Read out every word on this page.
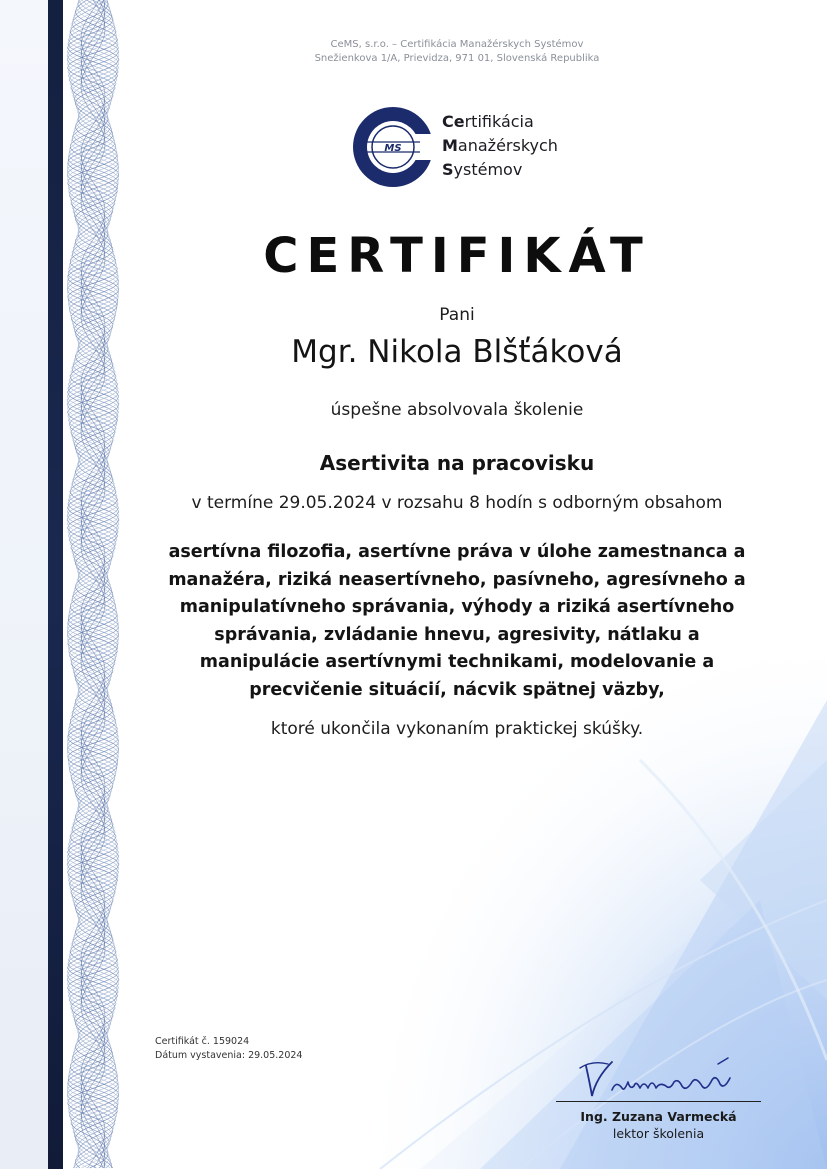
CeMS, s.r.o. – Certifikácia Manažérskych Systémov
Snežienkova 1/A, Prievidza, 971 01, Slovenská Republika
MS
Certifikácia
Manažérskych
Systémov
CERTIFIKÁT
Pani
Mgr. Nikola Blšťáková
úspešne absolvovala školenie
Asertivita na pracovisku
v termíne 29.05.2024 v rozsahu 8 hodín s odborným obsahom
asertívna filozofia, asertívne práva v úlohe zamestnanca a
manažéra, riziká neasertívneho, pasívneho, agresívneho a
manipulatívneho správania, výhody a riziká asertívneho
správania, zvládanie hnevu, agresivity, nátlaku a
manipulácie asertívnymi technikami, modelovanie a
precvičenie situácií, nácvik spätnej väzby,
ktoré ukončila vykonaním praktickej skúšky.
Certifikát č. 159024
Dátum vystavenia: 29.05.2024
Ing. Zuzana Varmecká
lektor školenia
